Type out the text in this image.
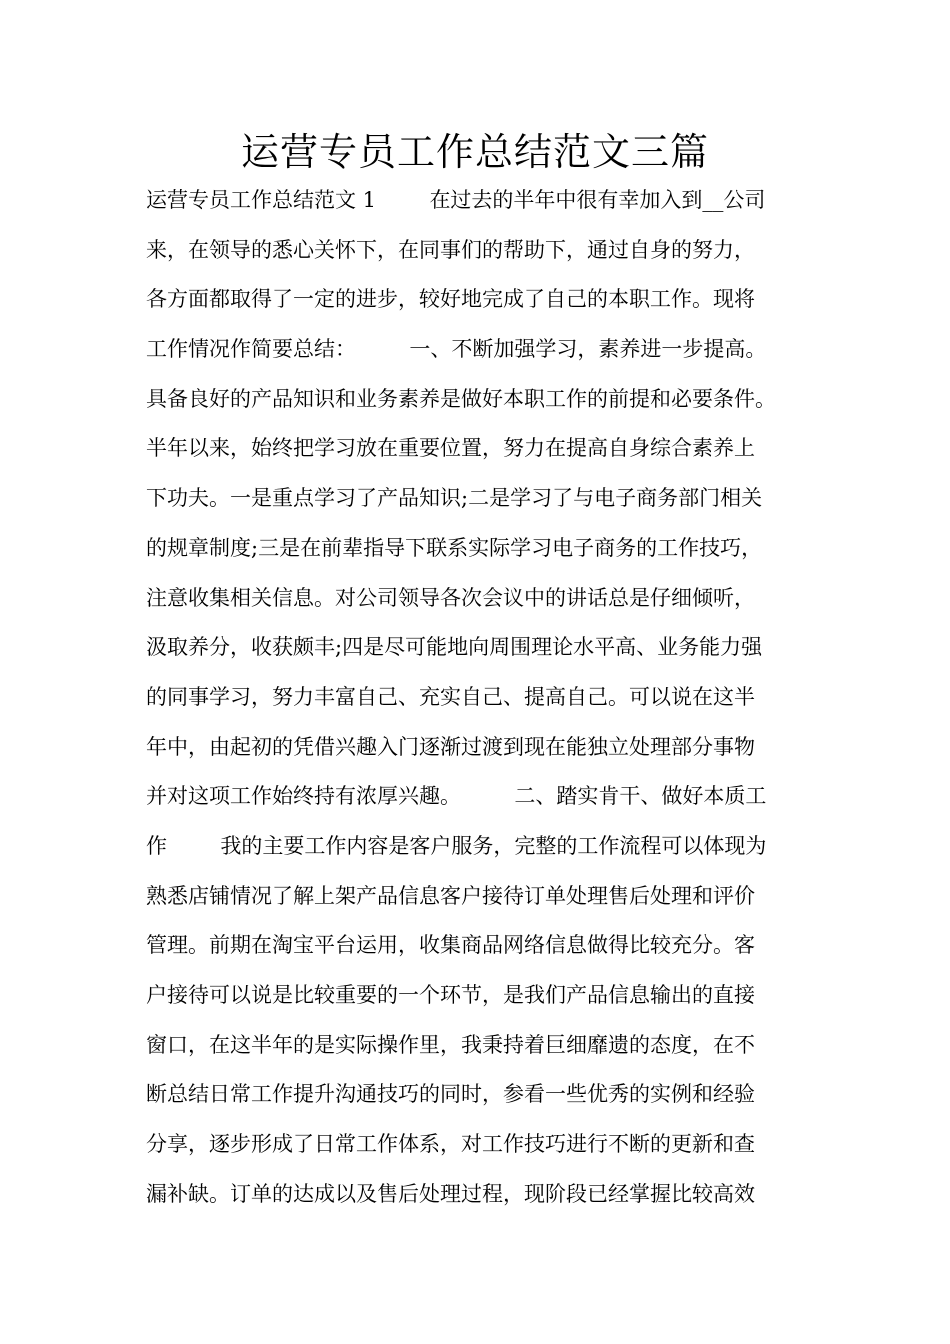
运营专员工作总结范文三篇
运营专员工作总结范文 1        在过去的半年中很有幸加入到__公司
来，在领导的悉心关怀下，在同事们的帮助下，通过自身的努力，
各方面都取得了一定的进步，较好地完成了自己的本职工作。现将
工作情况作简要总结：        一、不断加强学习，素养进一步提高。
具备良好的产品知识和业务素养是做好本职工作的前提和必要条件。
半年以来，始终把学习放在重要位置，努力在提高自身综合素养上
下功夫。一是重点学习了产品知识;二是学习了与电子商务部门相关
的规章制度;三是在前辈指导下联系实际学习电子商务的工作技巧，
注意收集相关信息。对公司领导各次会议中的讲话总是仔细倾听，
汲取养分，收获颇丰;四是尽可能地向周围理论水平高、业务能力强
的同事学习，努力丰富自己、充实自己、提高自己。可以说在这半
年中，由起初的凭借兴趣入门逐渐过渡到现在能独立处理部分事物
并对这项工作始终持有浓厚兴趣。        二、踏实肯干、做好本质工
作        我的主要工作内容是客户服务，完整的工作流程可以体现为
熟悉店铺情况了解上架产品信息客户接待订单处理售后处理和评价
管理。前期在淘宝平台运用，收集商品网络信息做得比较充分。客
户接待可以说是比较重要的一个环节，是我们产品信息输出的直接
窗口，在这半年的是实际操作里，我秉持着巨细靡遗的态度，在不
断总结日常工作提升沟通技巧的同时，参看一些优秀的实例和经验
分享，逐步形成了日常工作体系，对工作技巧进行不断的更新和查
漏补缺。订单的达成以及售后处理过程，现阶段已经掌握比较高效
